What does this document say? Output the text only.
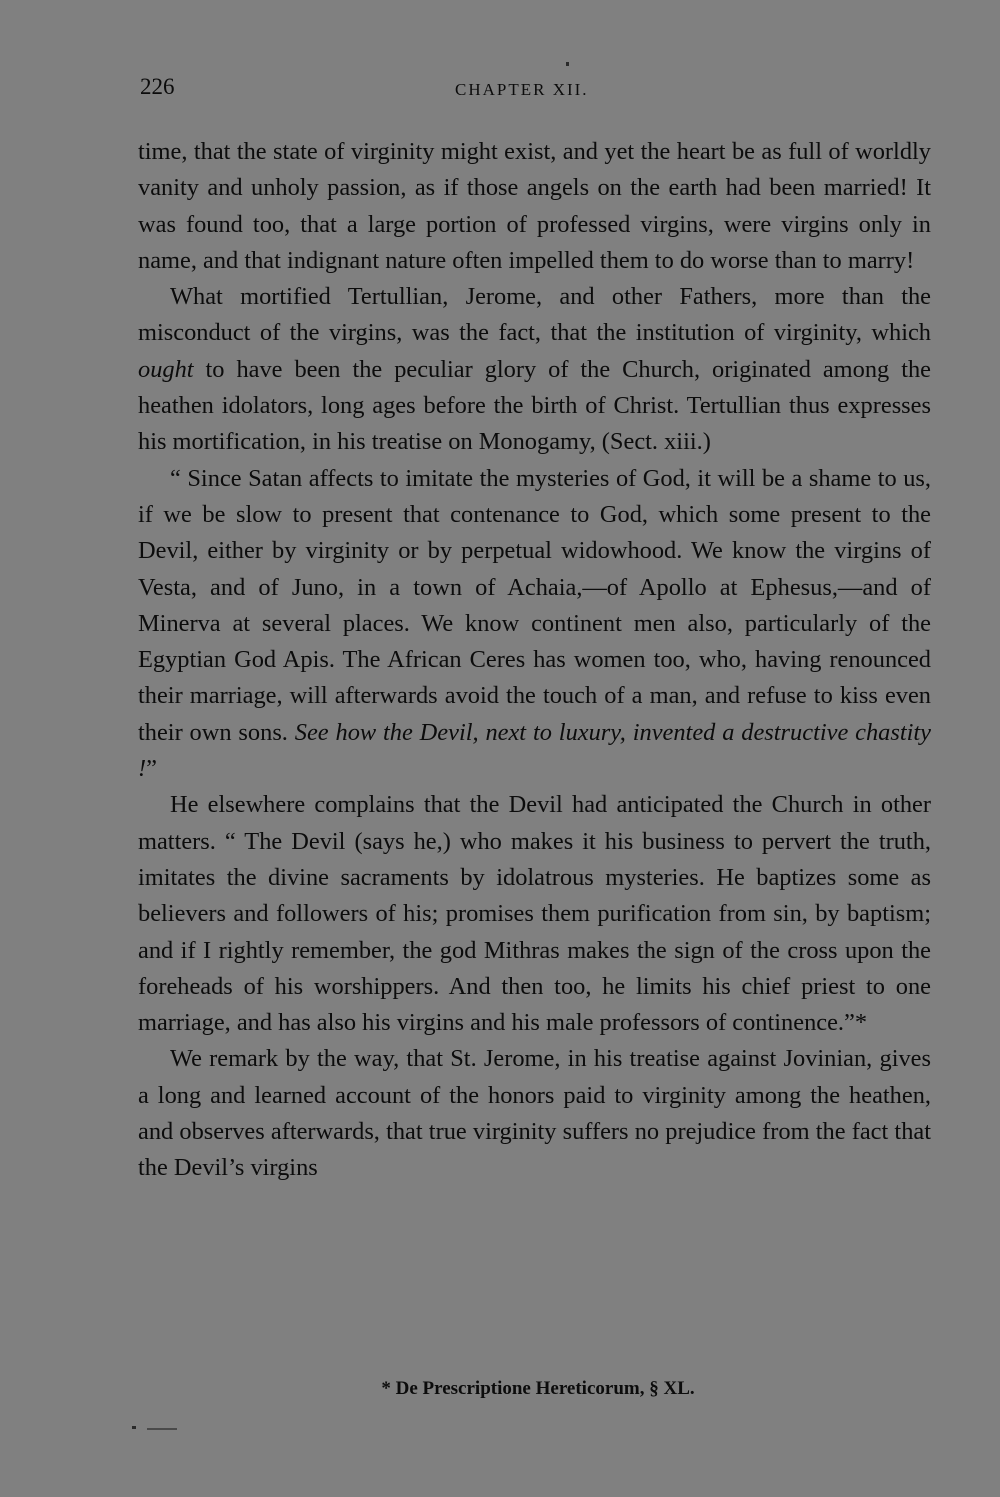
226	CHAPTER XII.

time, that the state of virginity might exist, and yet the heart be as full of worldly vanity and unholy passion, as if those angels on the earth had been married! It was found too, that a large portion of professed virgins, were virgins only in name, and that indignant nature often impelled them to do worse than to marry!

What mortified Tertullian, Jerome, and other Fathers, more than the misconduct of the virgins, was the fact, that the institution of virginity, which ought to have been the peculiar glory of the Church, originated among the heathen idolators, long ages before the birth of Christ. Tertullian thus expresses his mortification, in his treatise on Monogamy, (Sect. xiii.)

“ Since Satan affects to imitate the mysteries of God, it will be a shame to us, if we be slow to present that contenance to God, which some present to the Devil, either by virginity or by perpetual widowhood. We know the virgins of Vesta, and of Juno, in a town of Achaia,—of Apollo at Ephesus,—and of Minerva at several places. We know continent men also, particularly of the Egyptian God Apis. The African Ceres has women too, who, having renounced their marriage, will afterwards avoid the touch of a man, and refuse to kiss even their own sons. See how the Devil, next to luxury, invented a destructive chastity !”

He elsewhere complains that the Devil had anticipated the Church in other matters. “ The Devil (says he,) who makes it his business to pervert the truth, imitates the divine sacraments by idolatrous mysteries. He baptizes some as believers and followers of his; promises them purification from sin, by baptism; and if I rightly remember, the god Mithras makes the sign of the cross upon the foreheads of his worshippers. And then too, he limits his chief priest to one marriage, and has also his virgins and his male professors of continence.”*

We remark by the way, that St. Jerome, in his treatise against Jovinian, gives a long and learned account of the honors paid to virginity among the heathen, and observes afterwards, that true virginity suffers no prejudice from the fact that the Devil’s virgins

* De Prescriptione Hereticorum, § XL.
